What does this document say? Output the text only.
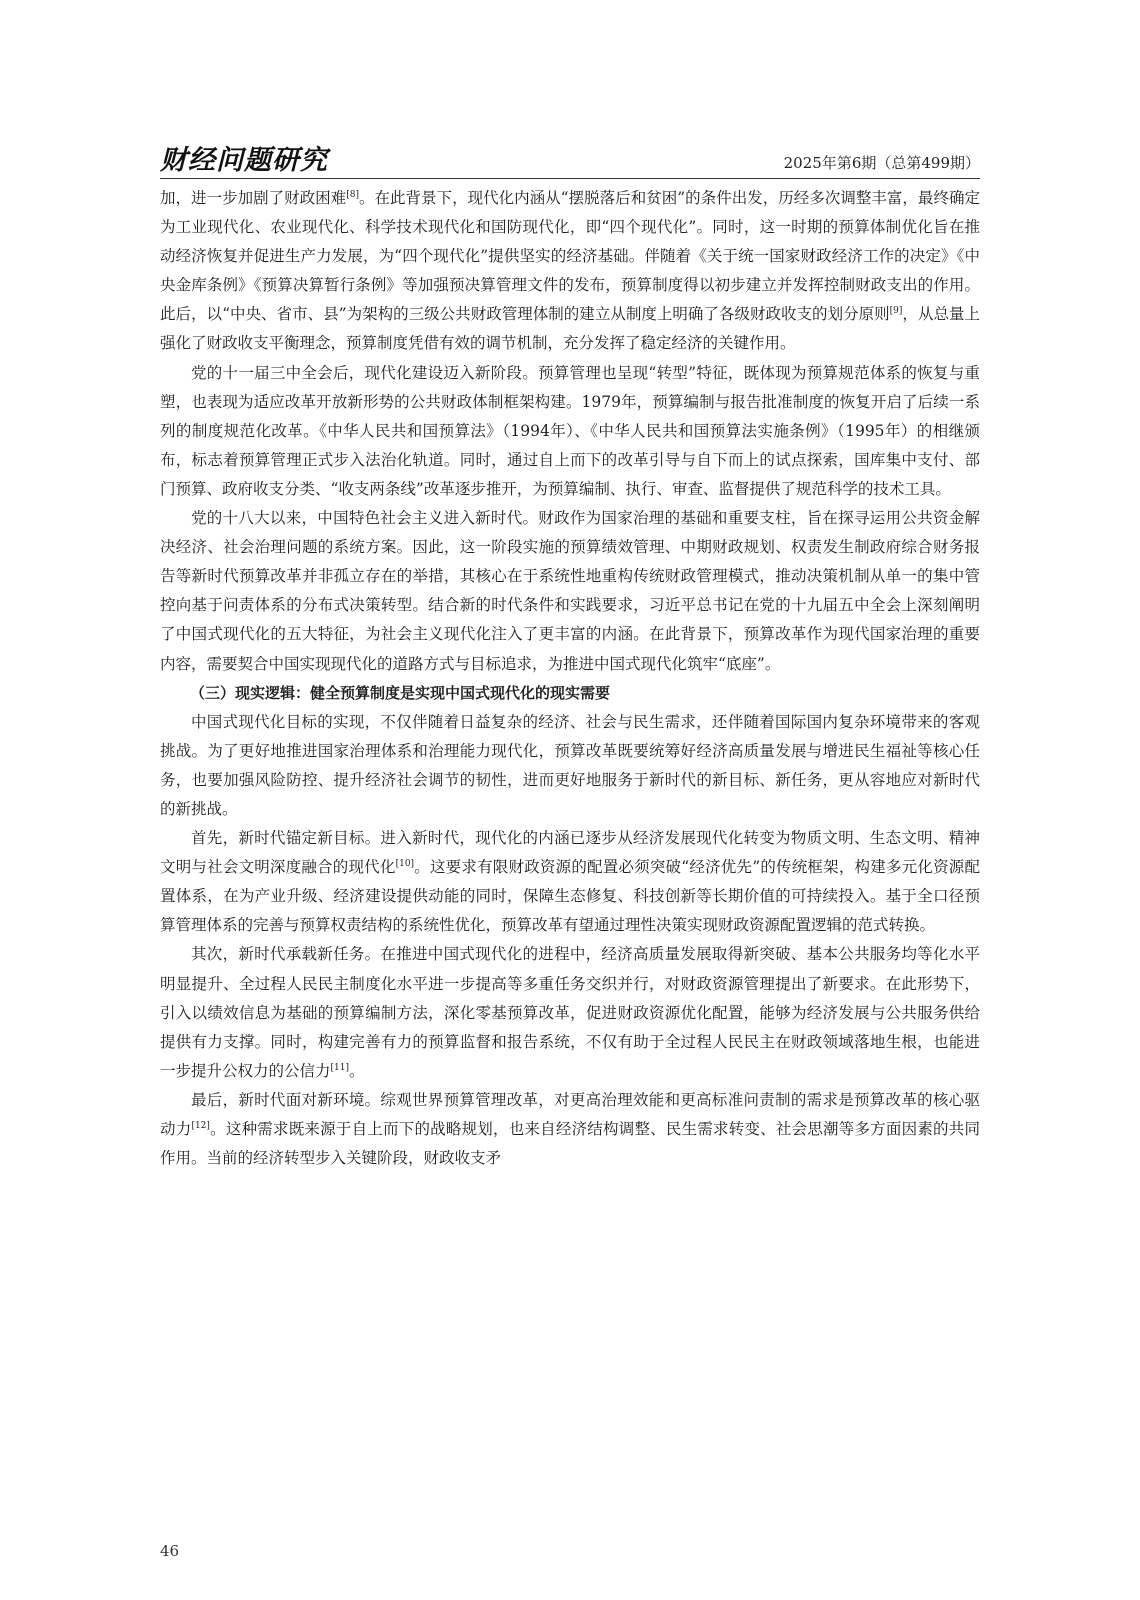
财经问题研究	2025年第6期（总第499期）

加，进一步加剧了财政困难[8]。在此背景下，现代化内涵从“摆脱落后和贫困”的条件出发，历经多次调整丰富，最终确定为工业现代化、农业现代化、科学技术现代化和国防现代化，即“四个现代化”。同时，这一时期的预算体制优化旨在推动经济恢复并促进生产力发展，为“四个现代化”提供坚实的经济基础。伴随着《关于统一国家财政经济工作的决定》《中央金库条例》《预算决算暂行条例》等加强预决算管理文件的发布，预算制度得以初步建立并发挥控制财政支出的作用。此后，以“中央、省市、县”为架构的三级公共财政管理体制的建立从制度上明确了各级财政收支的划分原则[9]，从总量上强化了财政收支平衡理念，预算制度凭借有效的调节机制，充分发挥了稳定经济的关键作用。

党的十一届三中全会后，现代化建设迈入新阶段。预算管理也呈现“转型”特征，既体现为预算规范体系的恢复与重塑，也表现为适应改革开放新形势的公共财政体制框架构建。1979年，预算编制与报告批准制度的恢复开启了后续一系列的制度规范化改革。《中华人民共和国预算法》（1994年）、《中华人民共和国预算法实施条例》（1995年）的相继颁布，标志着预算管理正式步入法治化轨道。同时，通过自上而下的改革引导与自下而上的试点探索，国库集中支付、部门预算、政府收支分类、“收支两条线”改革逐步推开，为预算编制、执行、审查、监督提供了规范科学的技术工具。

党的十八大以来，中国特色社会主义进入新时代。财政作为国家治理的基础和重要支柱，旨在探寻运用公共资金解决经济、社会治理问题的系统方案。因此，这一阶段实施的预算绩效管理、中期财政规划、权责发生制政府综合财务报告等新时代预算改革并非孤立存在的举措，其核心在于系统性地重构传统财政管理模式，推动决策机制从单一的集中管控向基于问责体系的分布式决策转型。结合新的时代条件和实践要求，习近平总书记在党的十九届五中全会上深刻阐明了中国式现代化的五大特征，为社会主义现代化注入了更丰富的内涵。在此背景下，预算改革作为现代国家治理的重要内容，需要契合中国实现现代化的道路方式与目标追求，为推进中国式现代化筑牢“底座”。

（三）现实逻辑：健全预算制度是实现中国式现代化的现实需要

中国式现代化目标的实现，不仅伴随着日益复杂的经济、社会与民生需求，还伴随着国际国内复杂环境带来的客观挑战。为了更好地推进国家治理体系和治理能力现代化，预算改革既要统筹好经济高质量发展与增进民生福祉等核心任务，也要加强风险防控、提升经济社会调节的韧性，进而更好地服务于新时代的新目标、新任务，更从容地应对新时代的新挑战。

首先，新时代锚定新目标。进入新时代，现代化的内涵已逐步从经济发展现代化转变为物质文明、生态文明、精神文明与社会文明深度融合的现代化[10]。这要求有限财政资源的配置必须突破“经济优先”的传统框架，构建多元化资源配置体系，在为产业升级、经济建设提供动能的同时，保障生态修复、科技创新等长期价值的可持续投入。基于全口径预算管理体系的完善与预算权责结构的系统性优化，预算改革有望通过理性决策实现财政资源配置逻辑的范式转换。

其次，新时代承载新任务。在推进中国式现代化的进程中，经济高质量发展取得新突破、基本公共服务均等化水平明显提升、全过程人民民主制度化水平进一步提高等多重任务交织并行，对财政资源管理提出了新要求。在此形势下，引入以绩效信息为基础的预算编制方法，深化零基预算改革，促进财政资源优化配置，能够为经济发展与公共服务供给提供有力支撑。同时，构建完善有力的预算监督和报告系统，不仅有助于全过程人民民主在财政领域落地生根，也能进一步提升公权力的公信力[11]。

最后，新时代面对新环境。综观世界预算管理改革，对更高治理效能和更高标准问责制的需求是预算改革的核心驱动力[12]。这种需求既来源于自上而下的战略规划，也来自经济结构调整、民生需求转变、社会思潮等多方面因素的共同作用。当前的经济转型步入关键阶段，财政收支矛

46
